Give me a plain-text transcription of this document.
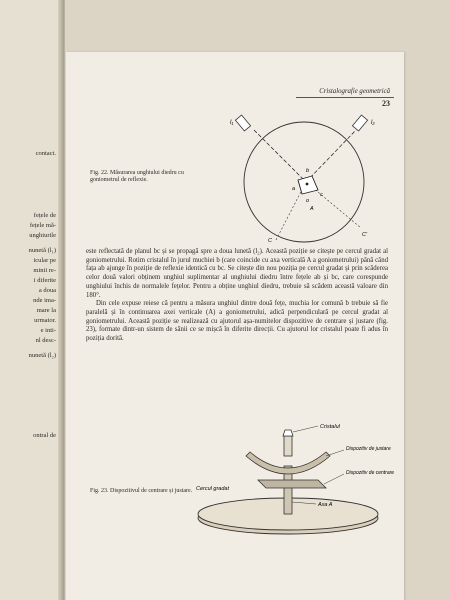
contact.
fețele de
fețele mă-
unghiurile
nunetă (l₁)
icular pe
minii re-
i diferite
a doua
nde ima-
mare la
urmator.
e inti-
nl desc-
nunetă (l₂)
ontral de
Cristalografie geometrică
23
l₁	l₂
b
a
c
o
A
C
C'
Fig. 22. Măsurarea unghiului diedru cu goniometrul de reflexie.

este reflectată de planul bc și se propagă spre a doua lunetă (l₂). Această poziție se citește pe cercul gradat al goniometrului. Rotim cristalul în jurul muchiei b (care coincide cu axa verticală A a goniometrului) până când fața ab ajunge în poziție de reflexie identică cu bc. Se citește din nou poziția pe cercul gradat și prin scăderea celor două valori obținem unghiul suplimentar al unghiului diedru între fețele ab și bc, care corespunde unghiului închis de normalele fețelor. Pentru a obține unghiul diedru, trebuie să scădem această valoare din 180°.

Din cele expuse reiese că pentru a măsura unghiul dintre două fețe, muchia lor comună b trebuie să fie paralelă și în continuarea axei verticale (A) a goniometrului, adică perpendiculară pe cercul gradat al goniometrului. Această poziție se realizează cu ajutorul așa-numitelor dispozitive de centrare și justare (fig. 23), formate dintr-un sistem de sănii ce se mișcă în diferite direcții. Cu ajutorul lor cristalul poate fi adus în poziția dorită.

Cristalul
Dispozitiv de justare
Dispozitiv de centrare
Cercul gradat
Axa A
Fig. 23. Dispozitivul de centrare și justare.
